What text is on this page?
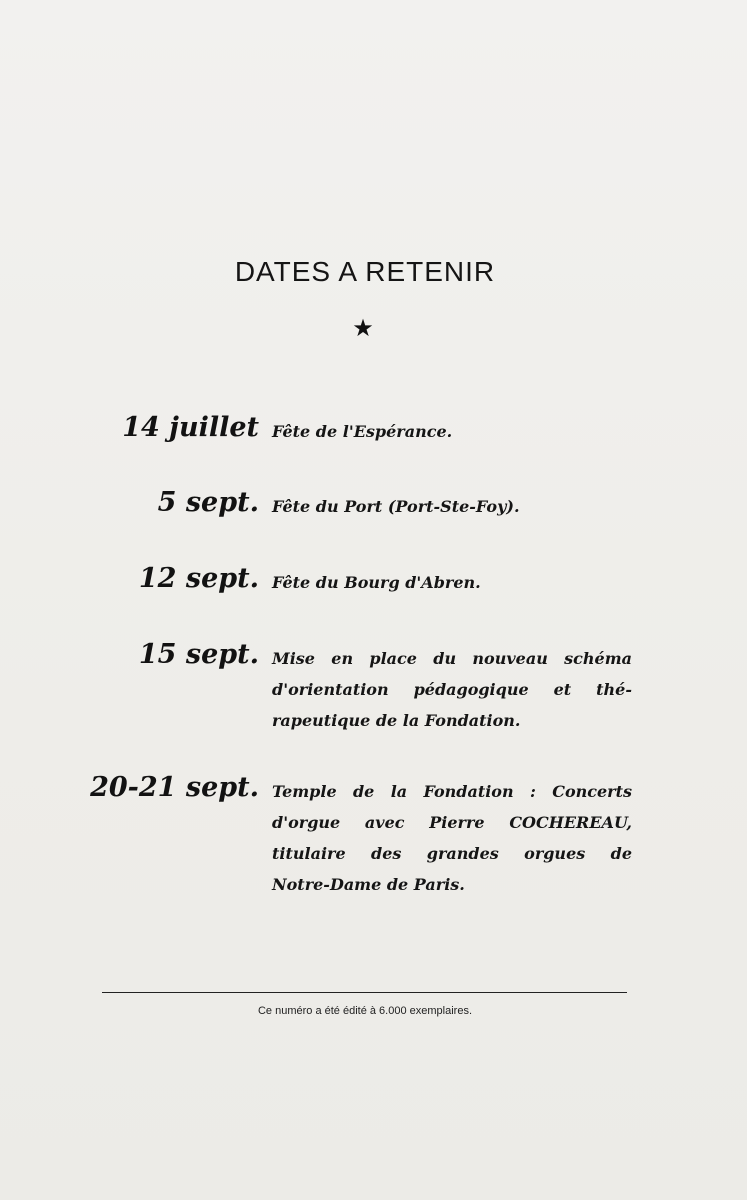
DATES A RETENIR
★
14 juillet Fête de l'Espérance.
5 sept. Fête du Port (Port-Ste-Foy).
12 sept. Fête du Bourg d'Abren.
15 sept. Mise en place du nouveau schéma
d'orientation pédagogique et thé-
rapeutique de la Fondation.
20-21 sept. Temple de la Fondation : Concerts
d'orgue avec Pierre COCHEREAU,
titulaire des grandes orgues de
Notre-Dame de Paris.
Ce numéro a été édité à 6.000 exemplaires.
